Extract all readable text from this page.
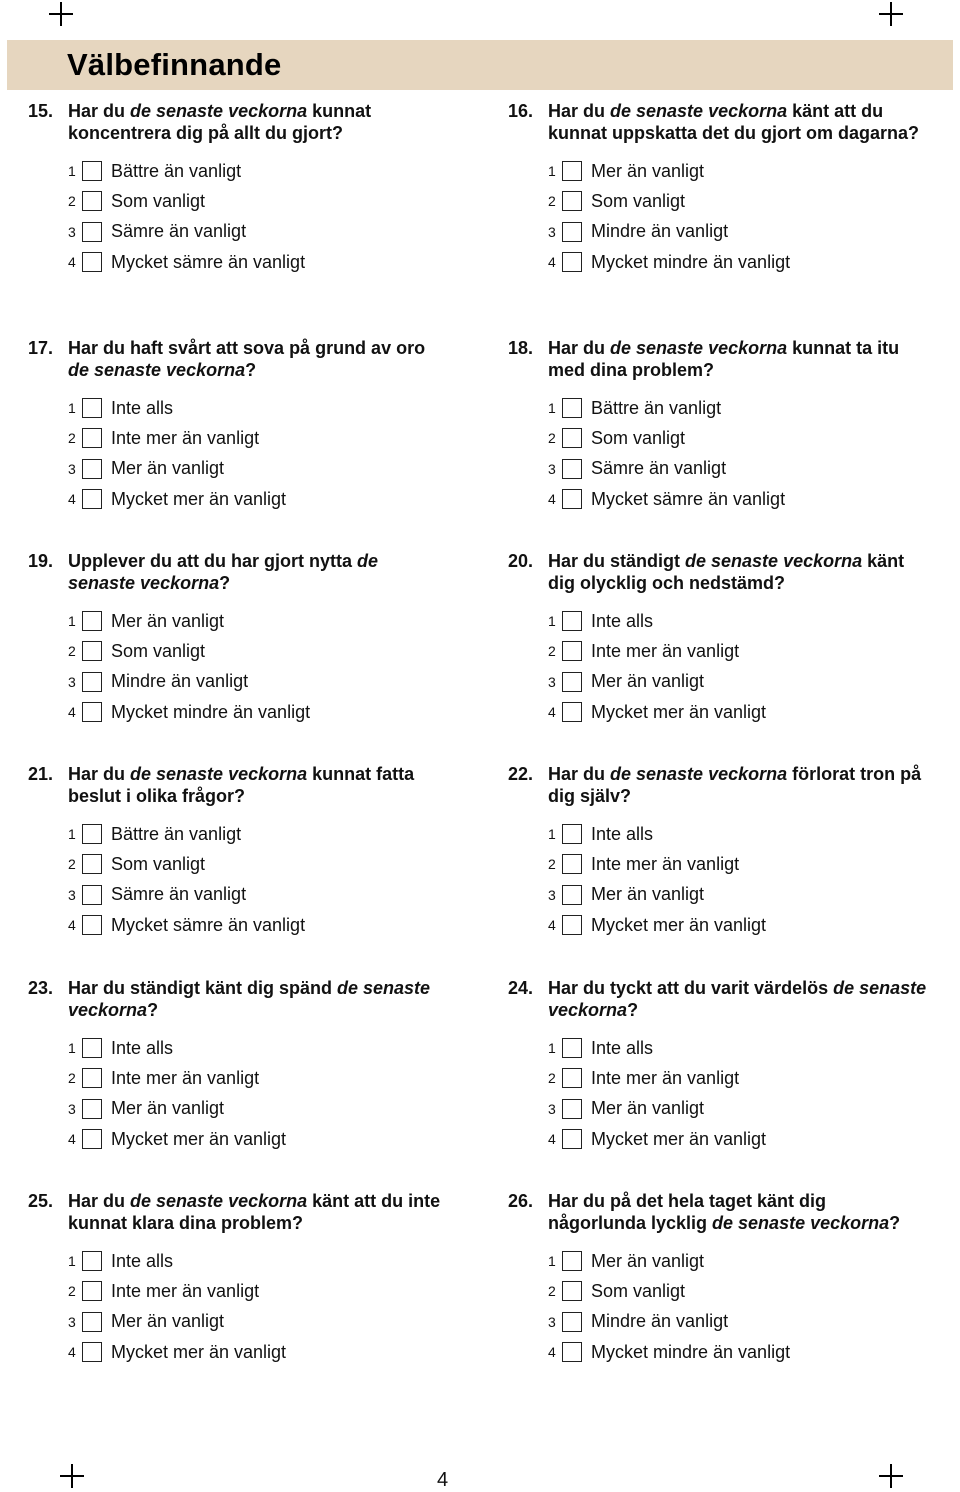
Välbefinnande
15. Har du de senaste veckorna kunnat koncentrera dig på allt du gjort?
1 Bättre än vanligt
2 Som vanligt
3 Sämre än vanligt
4 Mycket sämre än vanligt
16. Har du de senaste veckorna känt att du kunnat uppskatta det du gjort om dagarna?
1 Mer än vanligt
2 Som vanligt
3 Mindre än vanligt
4 Mycket mindre än vanligt
17. Har du haft svårt att sova på grund av oro de senaste veckorna?
1 Inte alls
2 Inte mer än vanligt
3 Mer än vanligt
4 Mycket mer än vanligt
18. Har du de senaste veckorna kunnat ta itu med dina problem?
1 Bättre än vanligt
2 Som vanligt
3 Sämre än vanligt
4 Mycket sämre än vanligt
19. Upplever du att du har gjort nytta de senaste veckorna?
1 Mer än vanligt
2 Som vanligt
3 Mindre än vanligt
4 Mycket mindre än vanligt
20. Har du ständigt de senaste veckorna känt dig olycklig och nedstämd?
1 Inte alls
2 Inte mer än vanligt
3 Mer än vanligt
4 Mycket mer än vanligt
21. Har du de senaste veckorna kunnat fatta beslut i olika frågor?
1 Bättre än vanligt
2 Som vanligt
3 Sämre än vanligt
4 Mycket sämre än vanligt
22. Har du de senaste veckorna förlorat tron på dig själv?
1 Inte alls
2 Inte mer än vanligt
3 Mer än vanligt
4 Mycket mer än vanligt
23. Har du ständigt känt dig spänd de senaste veckorna?
1 Inte alls
2 Inte mer än vanligt
3 Mer än vanligt
4 Mycket mer än vanligt
24. Har du tyckt att du varit värdelös de senaste veckorna?
1 Inte alls
2 Inte mer än vanligt
3 Mer än vanligt
4 Mycket mer än vanligt
25. Har du de senaste veckorna känt att du inte kunnat klara dina problem?
1 Inte alls
2 Inte mer än vanligt
3 Mer än vanligt
4 Mycket mer än vanligt
26. Har du på det hela taget känt dig någorlunda lycklig de senaste veckorna?
1 Mer än vanligt
2 Som vanligt
3 Mindre än vanligt
4 Mycket mindre än vanligt
4
